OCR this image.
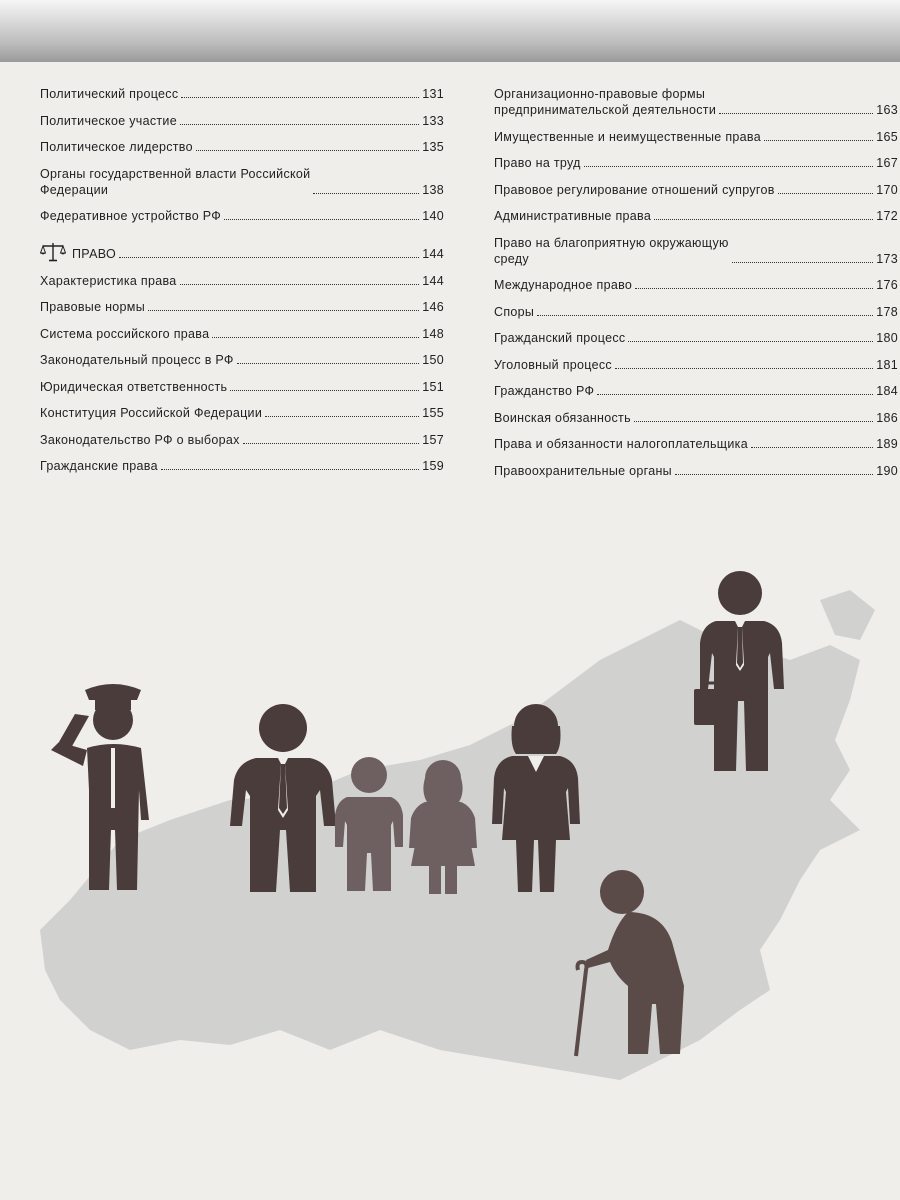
Политический процесс	131
Политическое участие	133
Политическое лидерство	135
Органы государственной власти Российской
Федерации	138
Федеративное устройство РФ	140
ПРАВО	144
Характеристика права	144
Правовые нормы	146
Система российского права	148
Законодательный процесс в РФ	150
Юридическая ответственность	151
Конституция Российской Федерации	155
Законодательство РФ о выборах	157
Гражданские права	159
Организационно-правовые формы
предпринимательской деятельности	163
Имущественные и неимущественные права	165
Право на труд	167
Правовое регулирование отношений супругов	170
Административные права	172
Право на благоприятную окружающую
среду	173
Международное право	176
Споры	178
Гражданский процесс	180
Уголовный процесс	181
Гражданство РФ	184
Воинская обязанность	186
Права и обязанности налогоплательщика	189
Правоохранительные органы	190
